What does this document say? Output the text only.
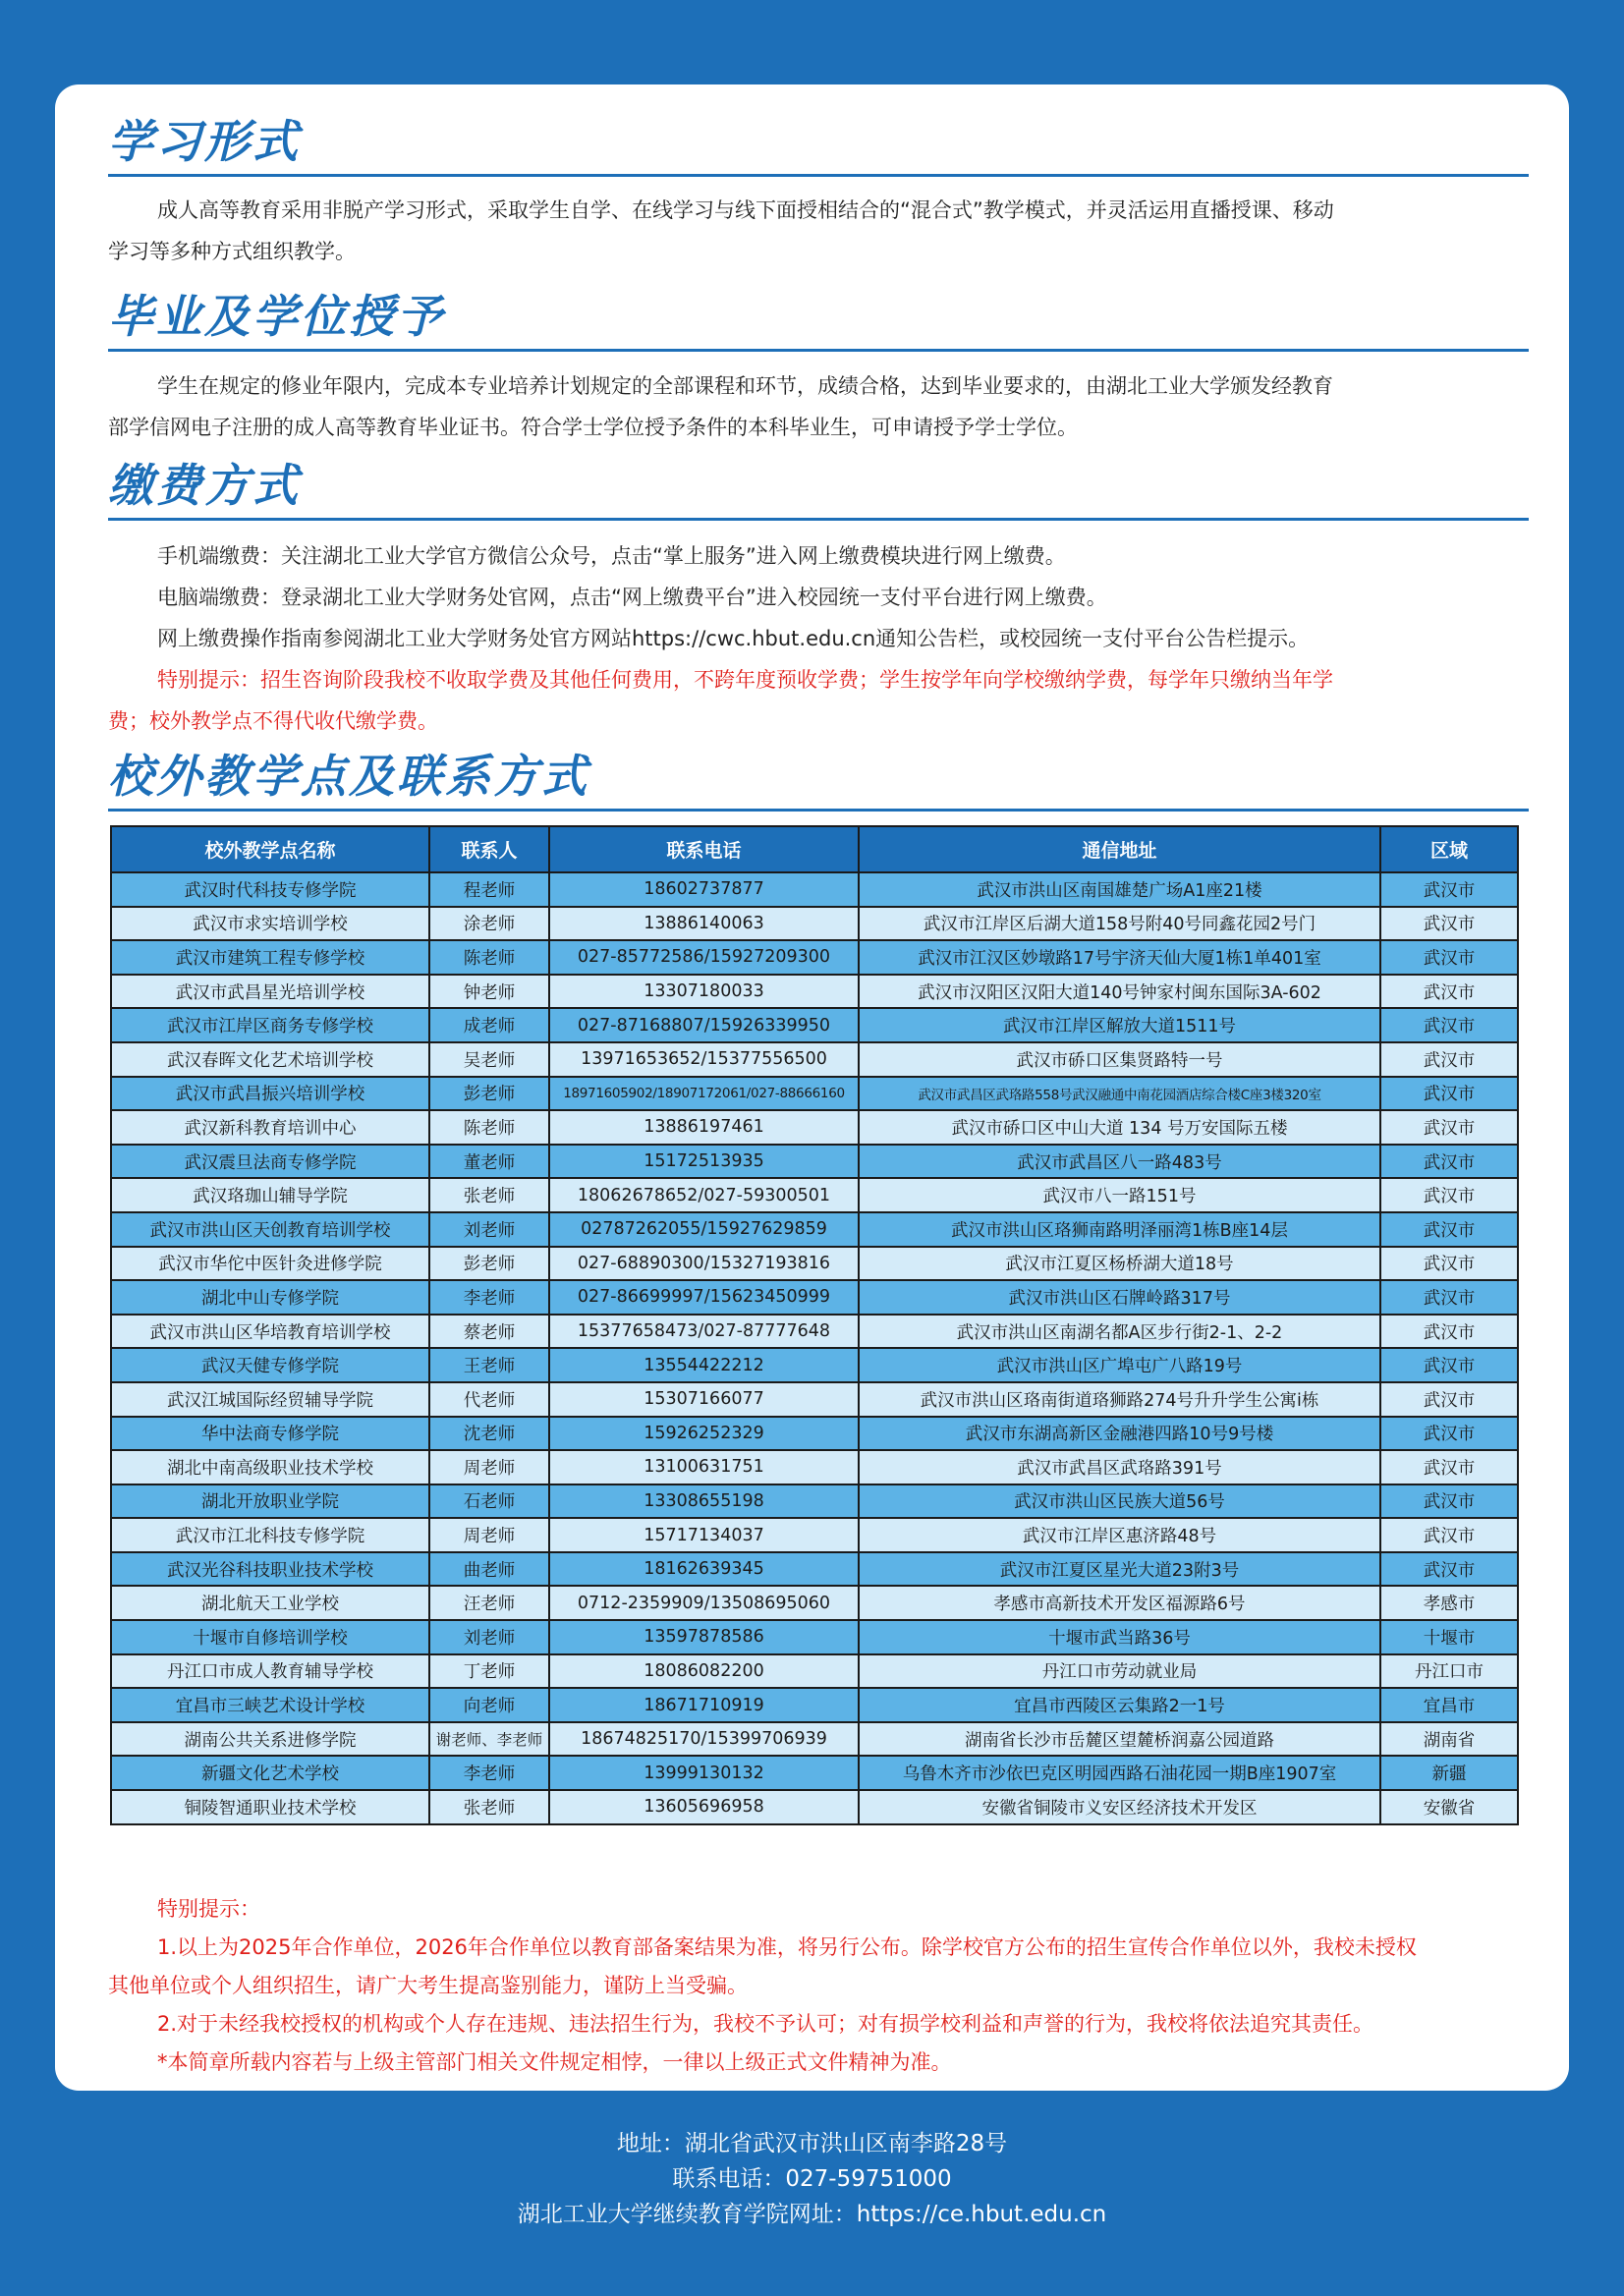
学习形式
成人高等教育采用非脱产学习形式，采取学生自学、在线学习与线下面授相结合的“混合式”教学模式，并灵活运用直播授课、移动
学习等多种方式组织教学。
毕业及学位授予
学生在规定的修业年限内，完成本专业培养计划规定的全部课程和环节，成绩合格，达到毕业要求的，由湖北工业大学颁发经教育
部学信网电子注册的成人高等教育毕业证书。符合学士学位授予条件的本科毕业生，可申请授予学士学位。
缴费方式
手机端缴费：关注湖北工业大学官方微信公众号，点击“掌上服务”进入网上缴费模块进行网上缴费。
电脑端缴费：登录湖北工业大学财务处官网，点击“网上缴费平台”进入校园统一支付平台进行网上缴费。
网上缴费操作指南参阅湖北工业大学财务处官方网站https://cwc.hbut.edu.cn通知公告栏，或校园统一支付平台公告栏提示。
特别提示：招生咨询阶段我校不收取学费及其他任何费用，不跨年度预收学费；学生按学年向学校缴纳学费，每学年只缴纳当年学
费；校外教学点不得代收代缴学费。
校外教学点及联系方式
校外教学点名称	联系人	联系电话	通信地址	区域
武汉时代科技专修学院	程老师	18602737877	武汉市洪山区南国雄楚广场A1座21楼	武汉市
武汉市求实培训学校	涂老师	13886140063	武汉市江岸区后湖大道158号附40号同鑫花园2号门	武汉市
武汉市建筑工程专修学校	陈老师	027-85772586/15927209300	武汉市江汉区妙墩路17号宇济天仙大厦1栋1单401室	武汉市
武汉市武昌星光培训学校	钟老师	13307180033	武汉市汉阳区汉阳大道140号钟家村闽东国际3A-602	武汉市
武汉市江岸区商务专修学校	成老师	027-87168807/15926339950	武汉市江岸区解放大道1511号	武汉市
武汉春晖文化艺术培训学校	吴老师	13971653652/15377556500	武汉市硚口区集贤路特一号	武汉市
武汉市武昌振兴培训学校	彭老师	18971605902/18907172061/027-88666160	武汉市武昌区武珞路558号武汉融通中南花园酒店综合楼C座3楼320室	武汉市
武汉新科教育培训中心	陈老师	13886197461	武汉市硚口区中山大道 134 号万安国际五楼	武汉市
武汉震旦法商专修学院	董老师	15172513935	武汉市武昌区八一路483号	武汉市
武汉珞珈山辅导学院	张老师	18062678652/027-59300501	武汉市八一路151号	武汉市
武汉市洪山区天创教育培训学校	刘老师	02787262055/15927629859	武汉市洪山区珞狮南路明泽丽湾1栋B座14层	武汉市
武汉市华佗中医针灸进修学院	彭老师	027-68890300/15327193816	武汉市江夏区杨桥湖大道18号	武汉市
湖北中山专修学院	李老师	027-86699997/15623450999	武汉市洪山区石牌岭路317号	武汉市
武汉市洪山区华培教育培训学校	蔡老师	15377658473/027-87777648	武汉市洪山区南湖名都A区步行街2-1、2-2	武汉市
武汉天健专修学院	王老师	13554422212	武汉市洪山区广埠屯广八路19号	武汉市
武汉江城国际经贸辅导学院	代老师	15307166077	武汉市洪山区珞南街道珞狮路274号升升学生公寓i栋	武汉市
华中法商专修学院	沈老师	15926252329	武汉市东湖高新区金融港四路10号9号楼	武汉市
湖北中南高级职业技术学校	周老师	13100631751	武汉市武昌区武珞路391号	武汉市
湖北开放职业学院	石老师	13308655198	武汉市洪山区民族大道56号	武汉市
武汉市江北科技专修学院	周老师	15717134037	武汉市江岸区惠济路48号	武汉市
武汉光谷科技职业技术学校	曲老师	18162639345	武汉市江夏区星光大道23附3号	武汉市
湖北航天工业学校	汪老师	0712-2359909/13508695060	孝感市高新技术开发区福源路6号	孝感市
十堰市自修培训学校	刘老师	13597878586	十堰市武当路36号	十堰市
丹江口市成人教育辅导学校	丁老师	18086082200	丹江口市劳动就业局	丹江口市
宜昌市三峡艺术设计学校	向老师	18671710919	宜昌市西陵区云集路2一1号	宜昌市
湖南公共关系进修学院	谢老师、李老师	18674825170/15399706939	湖南省长沙市岳麓区望麓桥润嘉公园道路	湖南省
新疆文化艺术学校	李老师	13999130132	乌鲁木齐市沙依巴克区明园西路石油花园一期B座1907室	新疆
铜陵智通职业技术学校	张老师	13605696958	安徽省铜陵市义安区经济技术开发区	安徽省
特别提示：
1.以上为2025年合作单位，2026年合作单位以教育部备案结果为准，将另行公布。除学校官方公布的招生宣传合作单位以外，我校未授权
其他单位或个人组织招生，请广大考生提高鉴别能力，谨防上当受骗。
2.对于未经我校授权的机构或个人存在违规、违法招生行为，我校不予认可；对有损学校利益和声誉的行为，我校将依法追究其责任。
*本简章所载内容若与上级主管部门相关文件规定相悖，一律以上级正式文件精神为准。
地址：湖北省武汉市洪山区南李路28号
联系电话：027-59751000
湖北工业大学继续教育学院网址：https://ce.hbut.edu.cn
